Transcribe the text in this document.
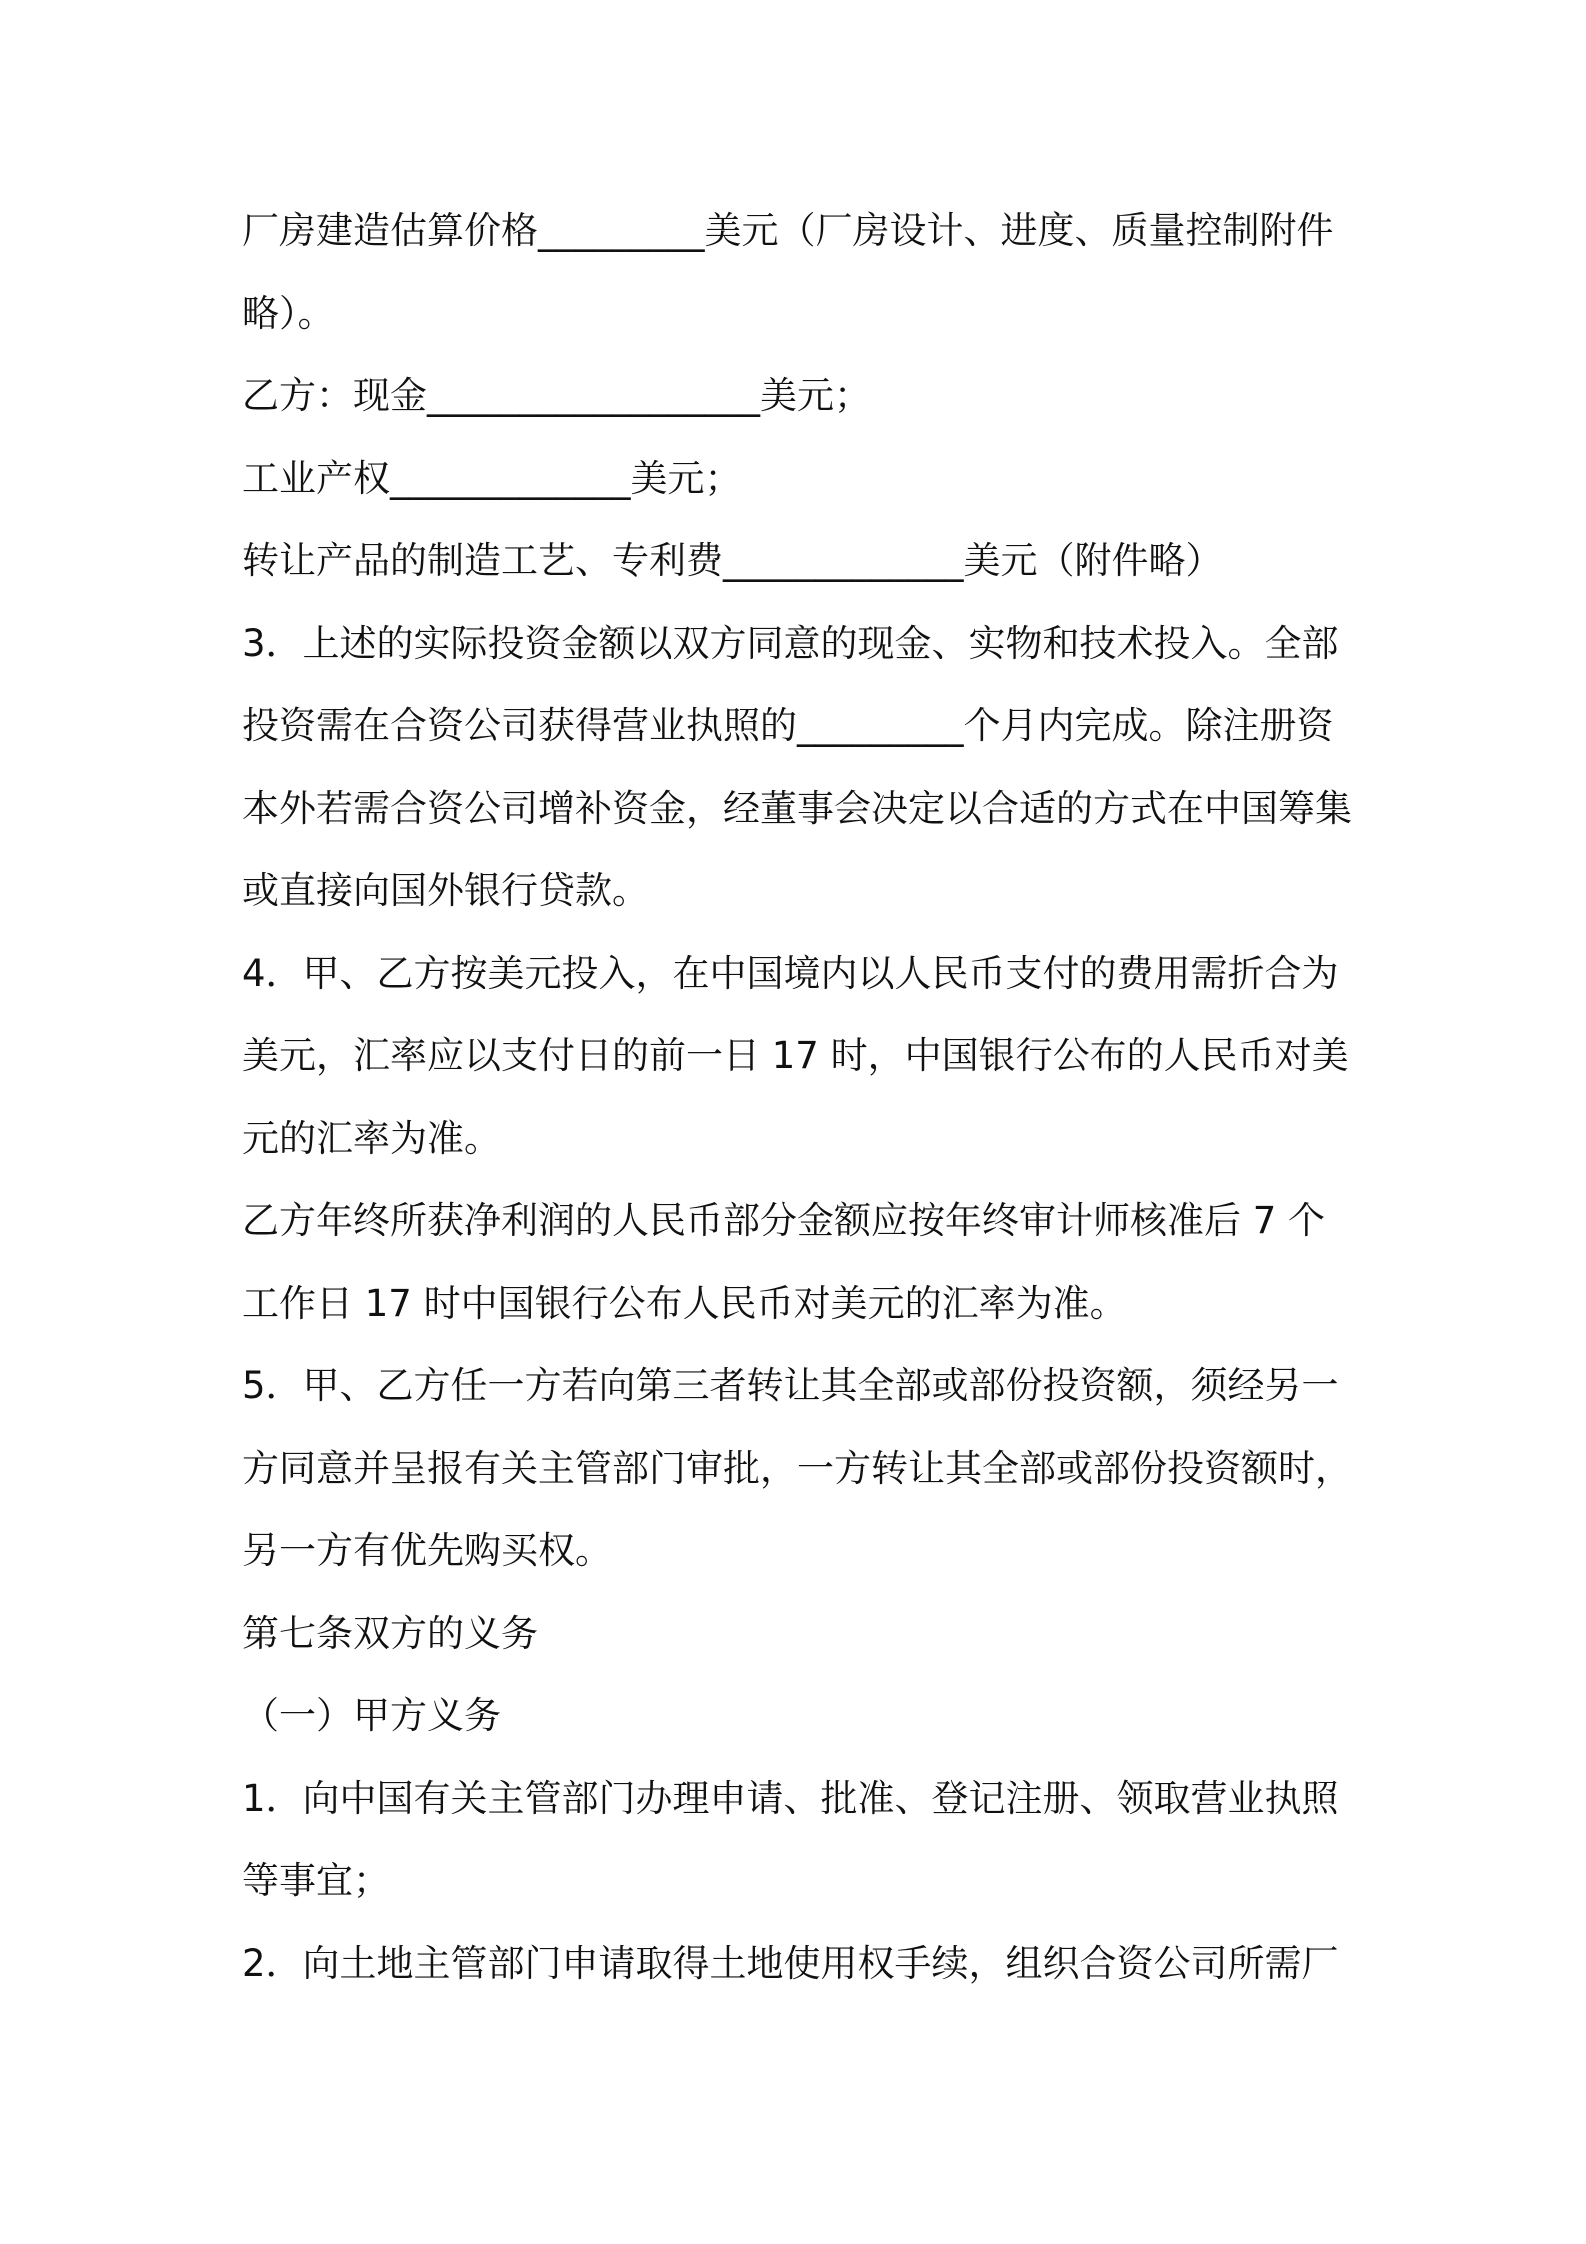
厂房建造估算价格_________美元（厂房设计、进度、质量控制附件略）。

乙方：现金__________________美元；

工业产权_____________美元；

转让产品的制造工艺、专利费_____________美元（附件略）

3．上述的实际投资金额以双方同意的现金、实物和技术投入。全部投资需在合资公司获得营业执照的_________个月内完成。除注册资本外若需合资公司增补资金，经董事会决定以合适的方式在中国筹集或直接向国外银行贷款。

4．甲、乙方按美元投入，在中国境内以人民币支付的费用需折合为美元，汇率应以支付日的前一日 17 时，中国银行公布的人民币对美元的汇率为准。

乙方年终所获净利润的人民币部分金额应按年终审计师核准后 7 个工作日 17 时中国银行公布人民币对美元的汇率为准。

5．甲、乙方任一方若向第三者转让其全部或部份投资额，须经另一方同意并呈报有关主管部门审批，一方转让其全部或部份投资额时，另一方有优先购买权。

第七条双方的义务

（一）甲方义务

1．向中国有关主管部门办理申请、批准、登记注册、领取营业执照等事宜；

2．向土地主管部门申请取得土地使用权手续，组织合资公司所需厂
